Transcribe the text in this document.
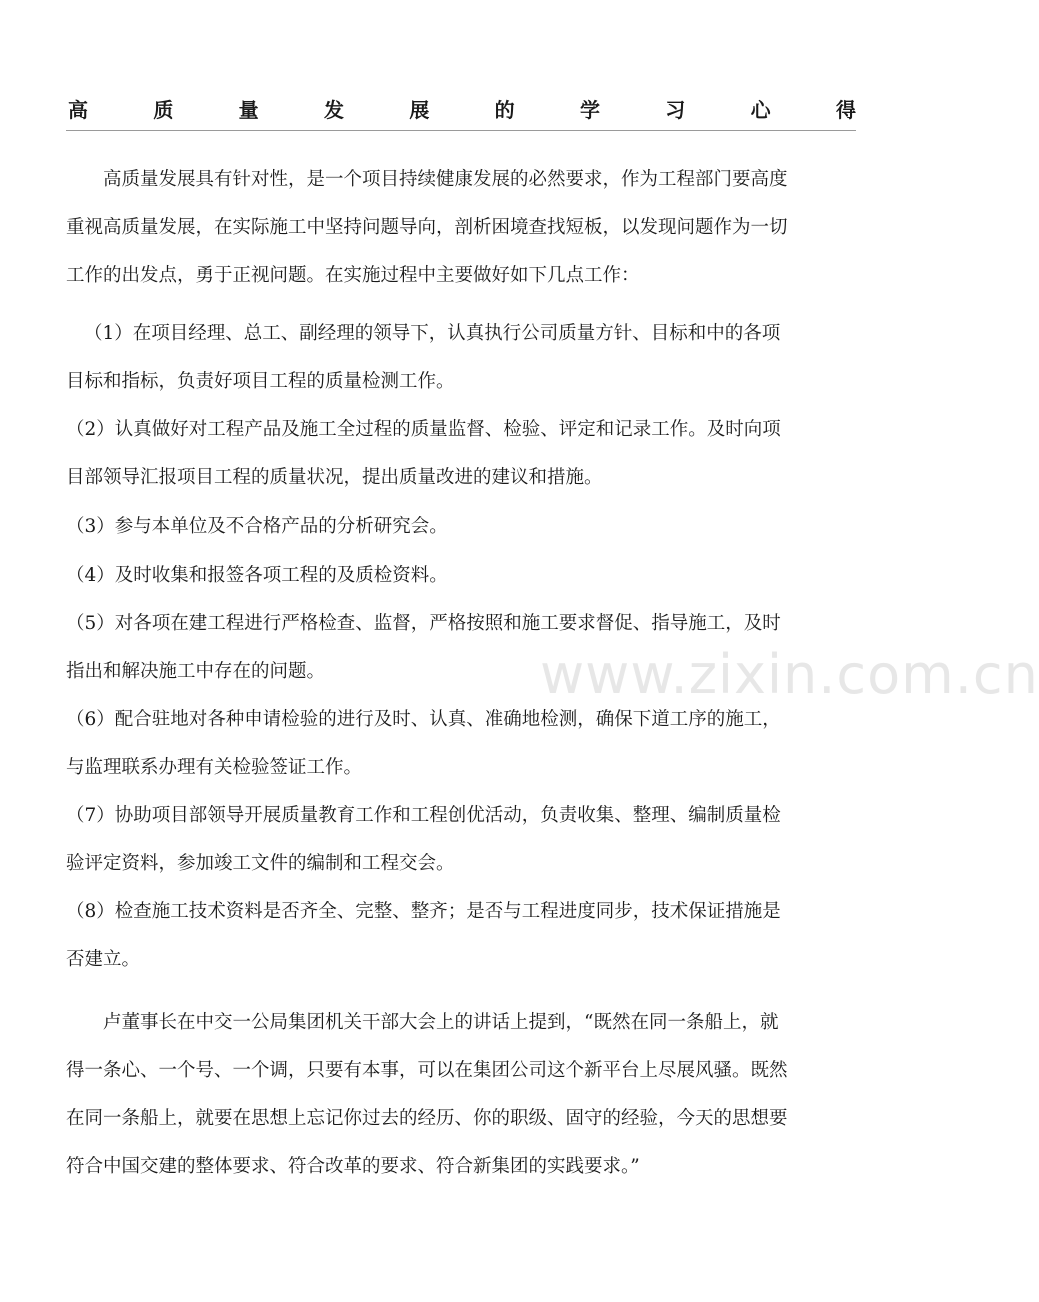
高	质	量	发	展	的	学	习	心	得
高质量发展具有针对性，是一个项目持续健康发展的必然要求，作为工程部门要高度
重视高质量发展，在实际施工中坚持问题导向，剖析困境查找短板，以发现问题作为一切
工作的出发点，勇于正视问题。在实施过程中主要做好如下几点工作：
（1）在项目经理、总工、副经理的领导下，认真执行公司质量方针、目标和中的各项
目标和指标，负责好项目工程的质量检测工作。
（2）认真做好对工程产品及施工全过程的质量监督、检验、评定和记录工作。及时向项
目部领导汇报项目工程的质量状况，提出质量改进的建议和措施。
（3）参与本单位及不合格产品的分析研究会。
（4）及时收集和报签各项工程的及质检资料。
（5）对各项在建工程进行严格检查、监督，严格按照和施工要求督促、指导施工，及时
指出和解决施工中存在的问题。
（6）配合驻地对各种申请检验的进行及时、认真、准确地检测，确保下道工序的施工，
与监理联系办理有关检验签证工作。
（7）协助项目部领导开展质量教育工作和工程创优活动，负责收集、整理、编制质量检
验评定资料，参加竣工文件的编制和工程交会。
（8）检查施工技术资料是否齐全、完整、整齐；是否与工程进度同步，技术保证措施是
否建立。
卢董事长在中交一公局集团机关干部大会上的讲话上提到，“既然在同一条船上，就
得一条心、一个号、一个调，只要有本事，可以在集团公司这个新平台上尽展风骚。既然
在同一条船上，就要在思想上忘记你过去的经历、你的职级、固守的经验，今天的思想要
符合中国交建的整体要求、符合改革的要求、符合新集团的实践要求。”
www.zixin.com.cn
